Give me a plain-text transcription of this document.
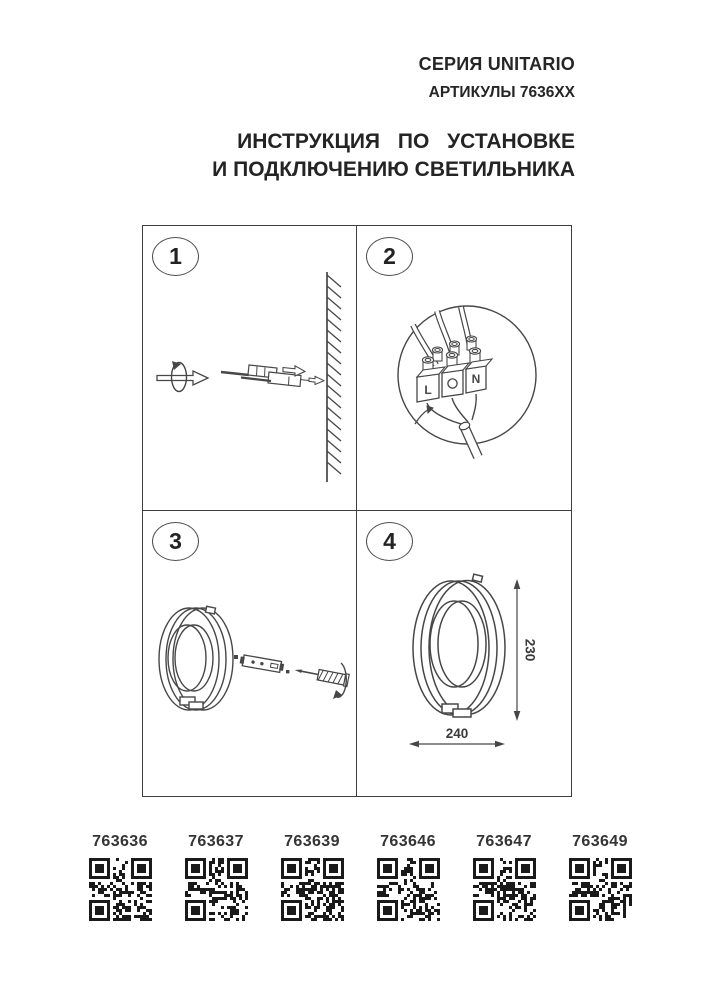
СЕРИЯ UNITARIO
АРТИКУЛЫ 7636XX
ИНСТРУКЦИЯ ПО УСТАНОВКЕ
И ПОДКЛЮЧЕНИЮ СВЕТИЛЬНИКА
1	2
L
N
3	4
230
240
763636	763637	763639	763646	763647	763649
